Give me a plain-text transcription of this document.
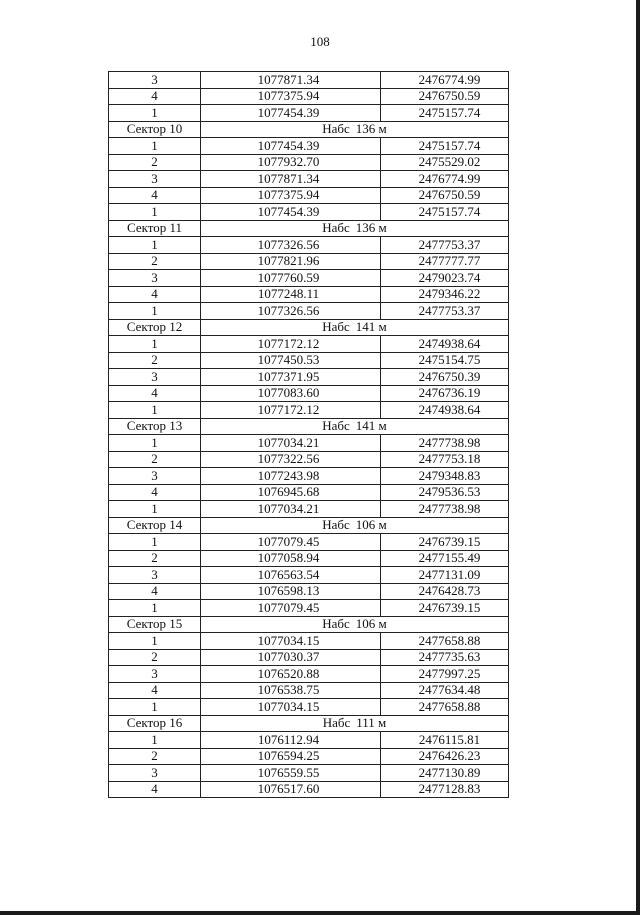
108
3	1077871.34	2476774.99
4	1077375.94	2476750.59
1	1077454.39	2475157.74
Сектор 10	Набс 136 м	
1	1077454.39	2475157.74
2	1077932.70	2475529.02
3	1077871.34	2476774.99
4	1077375.94	2476750.59
1	1077454.39	2475157.74
Сектор 11	Набс 136 м	
1	1077326.56	2477753.37
2	1077821.96	2477777.77
3	1077760.59	2479023.74
4	1077248.11	2479346.22
1	1077326.56	2477753.37
Сектор 12	Набс 141 м	
1	1077172.12	2474938.64
2	1077450.53	2475154.75
3	1077371.95	2476750.39
4	1077083.60	2476736.19
1	1077172.12	2474938.64
Сектор 13	Набс 141 м	
1	1077034.21	2477738.98
2	1077322.56	2477753.18
3	1077243.98	2479348.83
4	1076945.68	2479536.53
1	1077034.21	2477738.98
Сектор 14	Набс 106 м	
1	1077079.45	2476739.15
2	1077058.94	2477155.49
3	1076563.54	2477131.09
4	1076598.13	2476428.73
1	1077079.45	2476739.15
Сектор 15	Набс 106 м	
1	1077034.15	2477658.88
2	1077030.37	2477735.63
3	1076520.88	2477997.25
4	1076538.75	2477634.48
1	1077034.15	2477658.88
Сектор 16	Набс 111 м	
1	1076112.94	2476115.81
2	1076594.25	2476426.23
3	1076559.55	2477130.89
4	1076517.60	2477128.83
